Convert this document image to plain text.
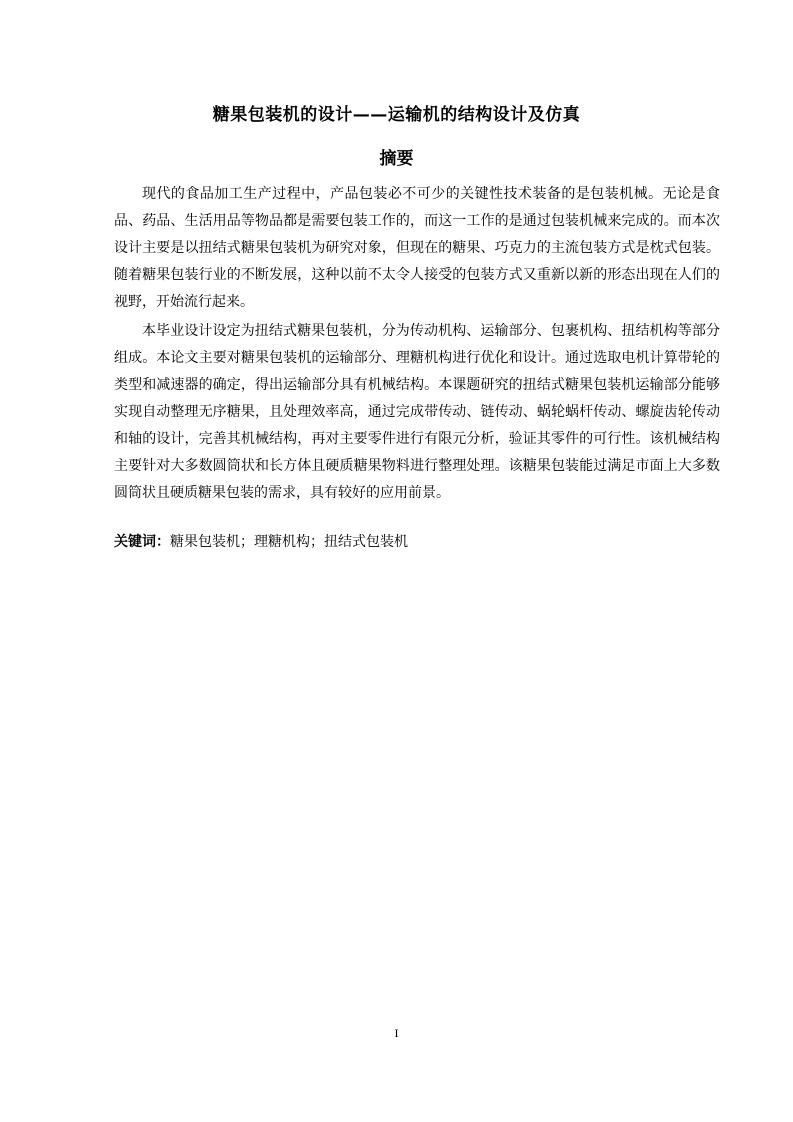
糖果包装机的设计——运输机的结构设计及仿真
摘要

现代的食品加工生产过程中，产品包装必不可少的关键性技术装备的是包装机械。无论是食品、药品、生活用品等物品都是需要包装工作的，而这一工作的是通过包装机械来完成的。而本次设计主要是以扭结式糖果包装机为研究对象，但现在的糖果、巧克力的主流包装方式是枕式包装。随着糖果包装行业的不断发展，这种以前不太令人接受的包装方式又重新以新的形态出现在人们的视野，开始流行起来。

本毕业设计设定为扭结式糖果包装机，分为传动机构、运输部分、包裹机构、扭结机构等部分组成。本论文主要对糖果包装机的运输部分、理糖机构进行优化和设计。通过选取电机计算带轮的类型和减速器的确定，得出运输部分具有机械结构。本课题研究的扭结式糖果包装机运输部分能够实现自动整理无序糖果，且处理效率高，通过完成带传动、链传动、蜗轮蜗杆传动、螺旋齿轮传动和轴的设计，完善其机械结构，再对主要零件进行有限元分析，验证其零件的可行性。该机械结构主要针对大多数圆筒状和长方体且硬质糖果物料进行整理处理。该糖果包装能过满足市面上大多数圆筒状且硬质糖果包装的需求，具有较好的应用前景。

关键词：糖果包装机；理糖机构；扭结式包装机
I
